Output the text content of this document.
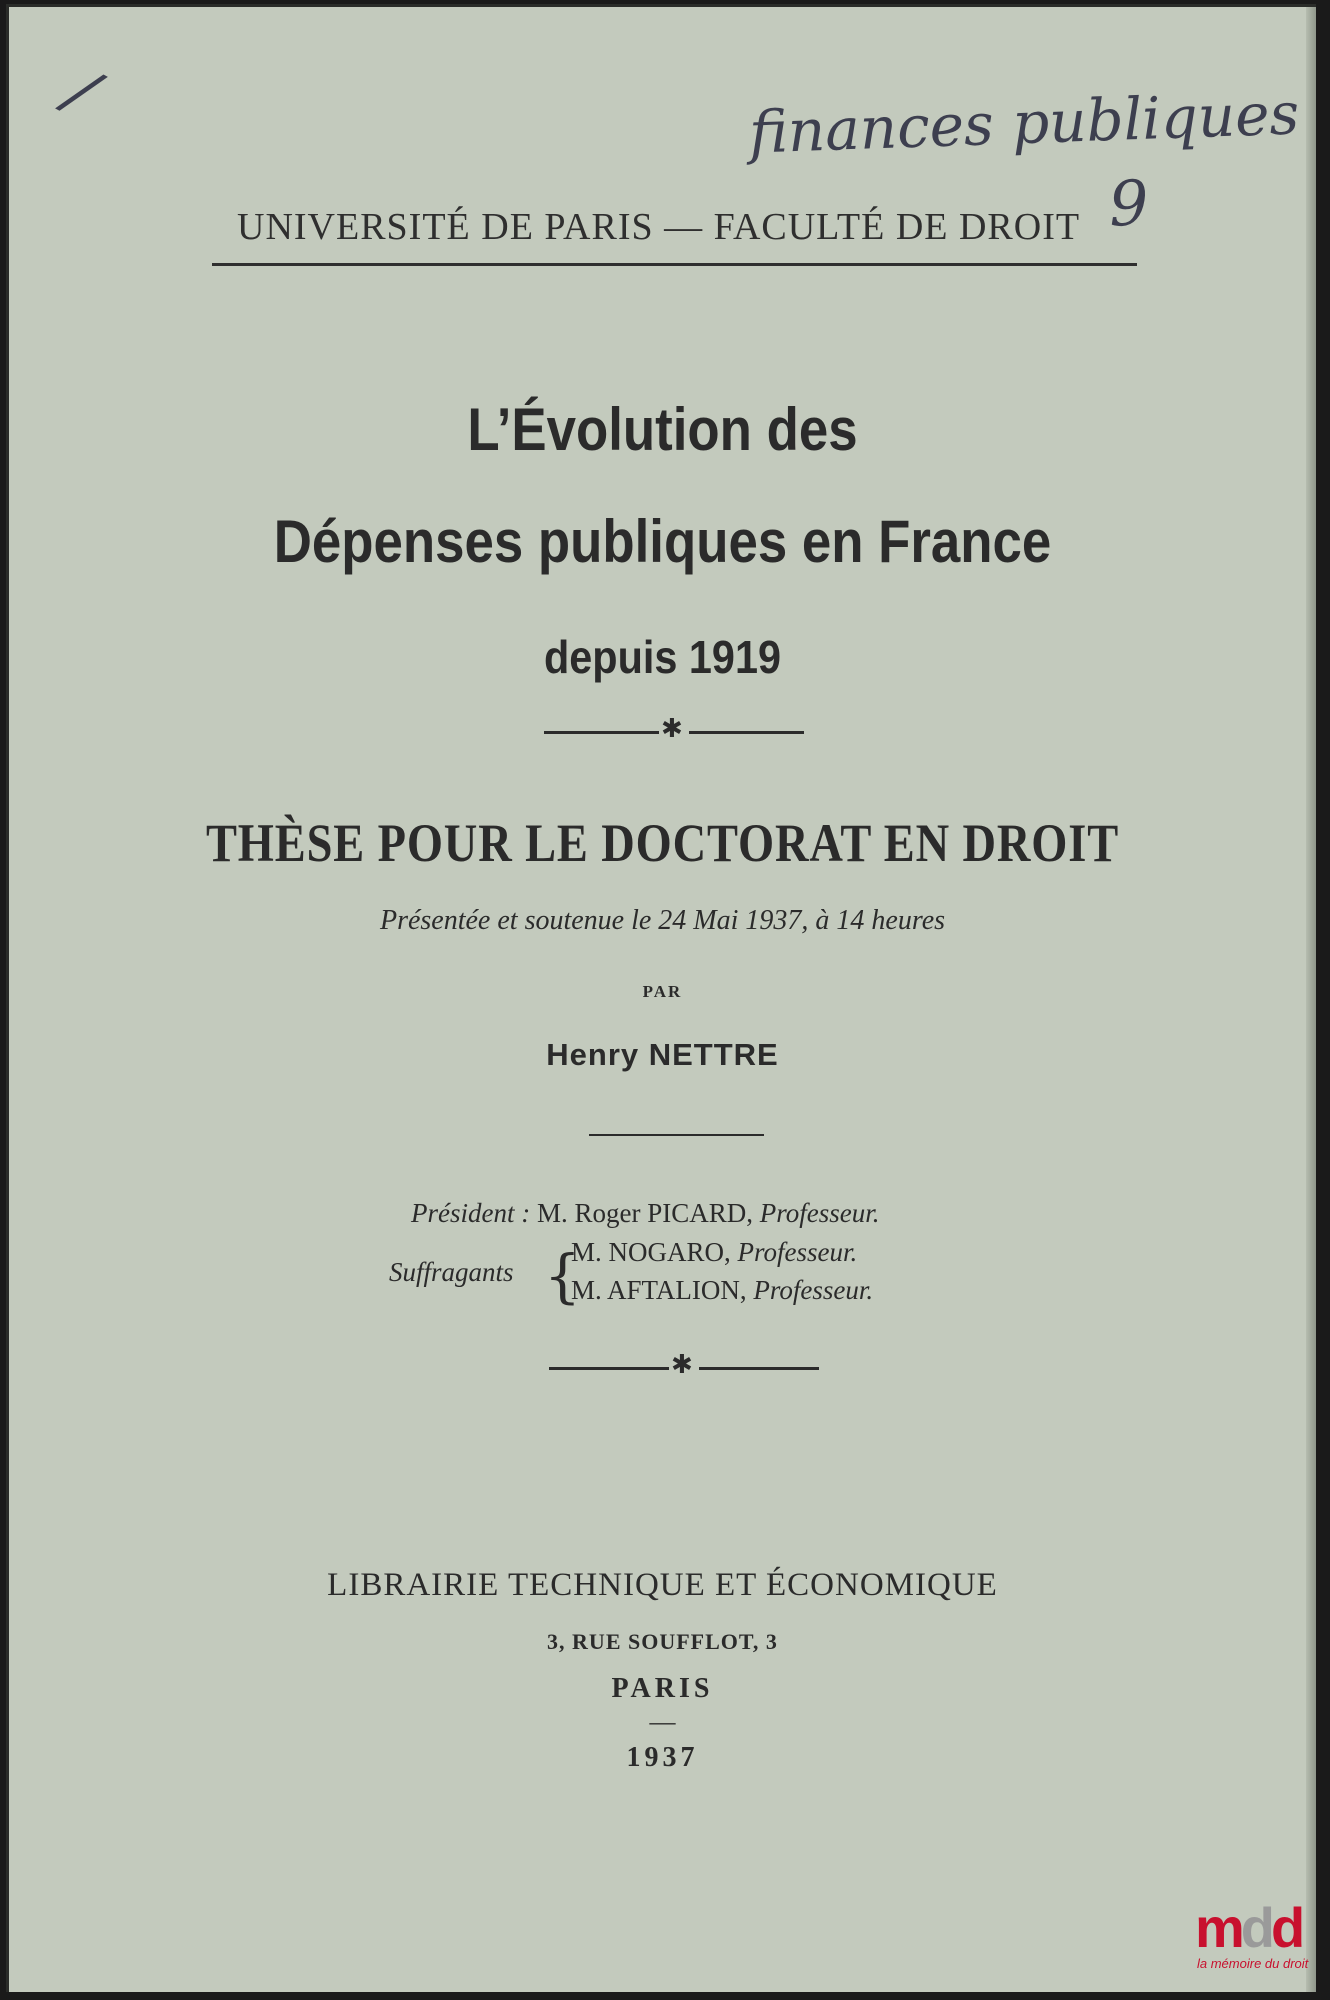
/	finances publiques
9
UNIVERSITÉ DE PARIS — FACULTÉ DE DROIT
L’Évolution des
Dépenses publiques en France
depuis 1919
✱
THÈSE POUR LE DOCTORAT EN DROIT
Présentée et soutenue le 24 Mai 1937, à 14 heures
PAR
Henry NETTRE
Président : M. Roger PICARD, Professeur.
Suffragants {
M. NOGARO, Professeur.
M. AFTALION, Professeur.
✱
LIBRAIRIE TECHNIQUE ET ÉCONOMIQUE
3, RUE SOUFFLOT, 3
PARIS
—
1937
mdd
la mémoire du droit
